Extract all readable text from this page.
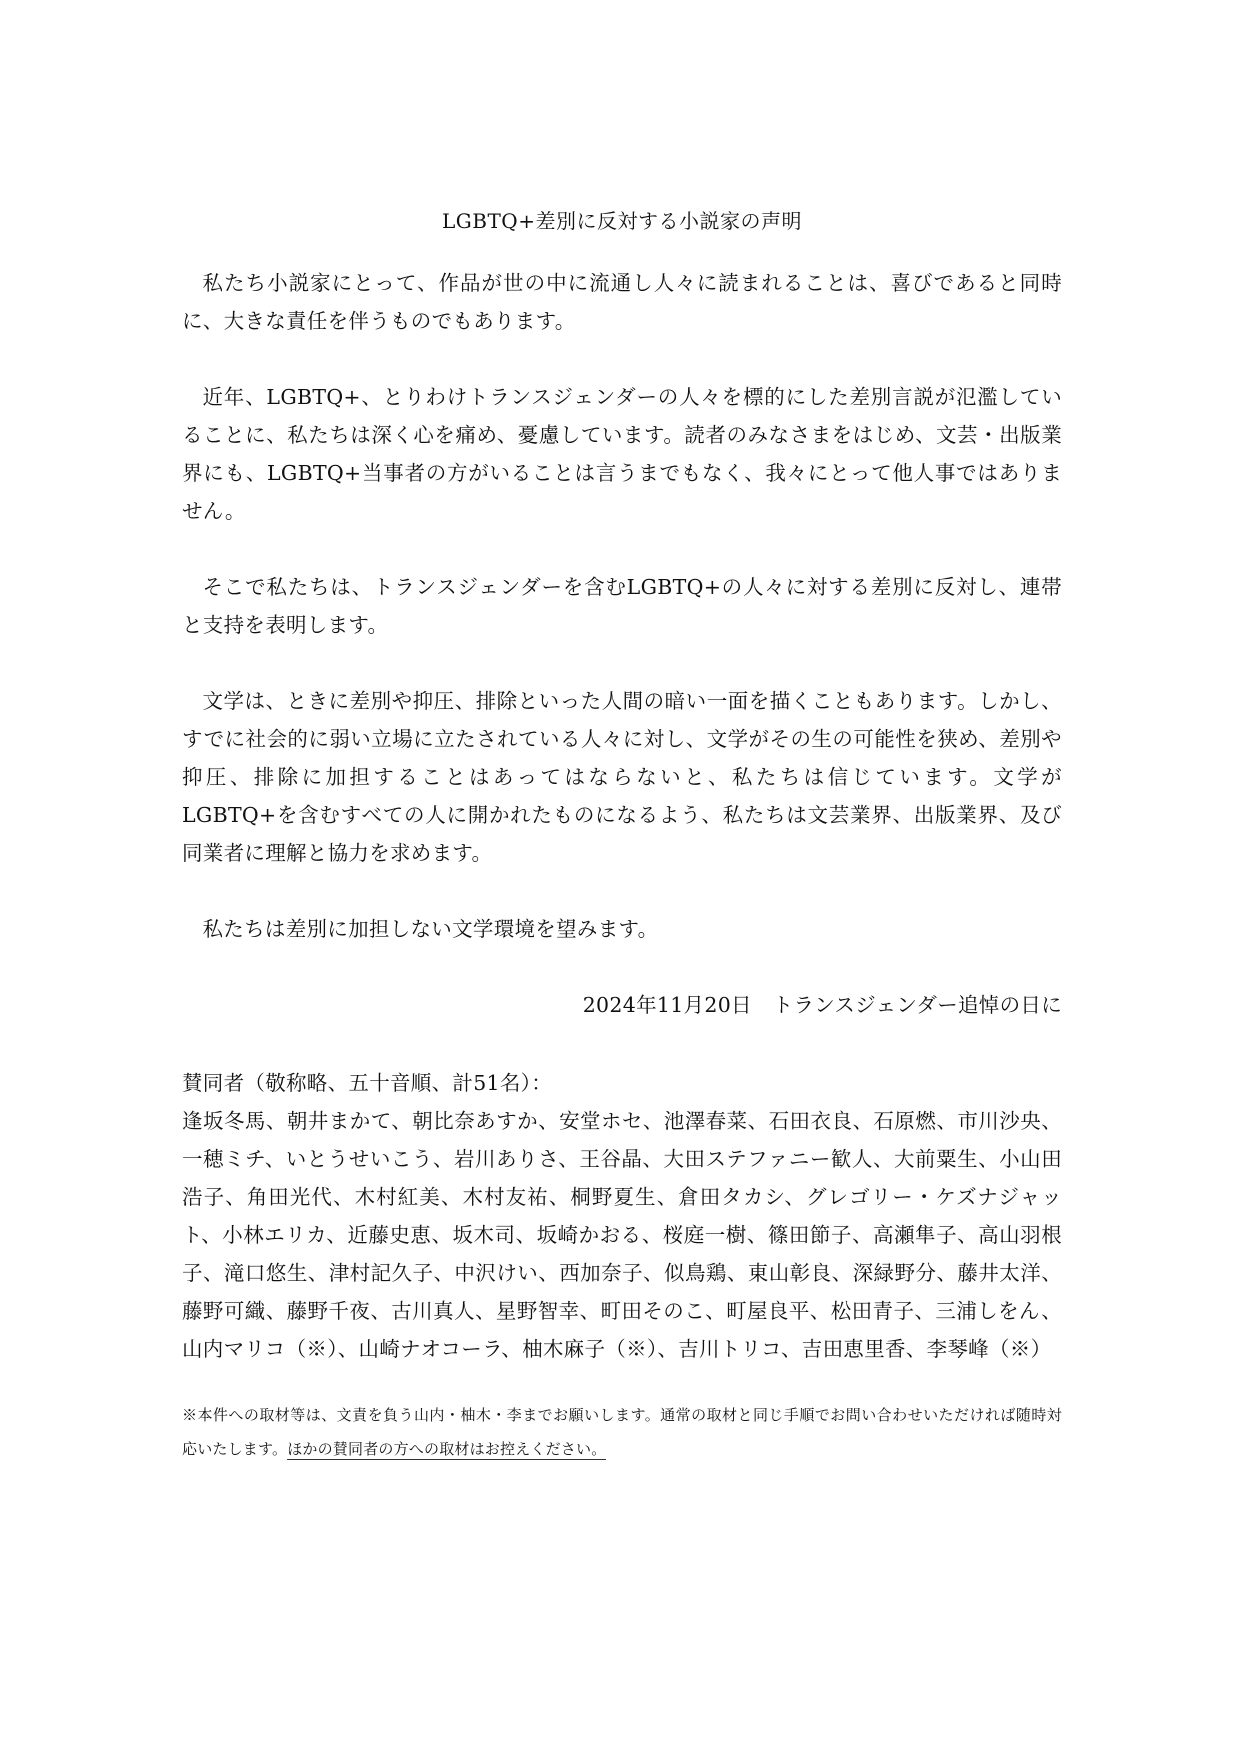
LGBTQ+差別に反対する小説家の声明

私たち小説家にとって、作品が世の中に流通し人々に読まれることは、喜びであると同時に、大きな責任を伴うものでもあります。

近年、LGBTQ+、とりわけトランスジェンダーの人々を標的にした差別言説が氾濫していることに、私たちは深く心を痛め、憂慮しています。読者のみなさまをはじめ、文芸・出版業界にも、LGBTQ+当事者の方がいることは言うまでもなく、我々にとって他人事ではありません。

そこで私たちは、トランスジェンダーを含むLGBTQ+の人々に対する差別に反対し、連帯と支持を表明します。

文学は、ときに差別や抑圧、排除といった人間の暗い一面を描くこともあります。しかし、すでに社会的に弱い立場に立たされている人々に対し、文学がその生の可能性を狭め、差別や抑圧、排除に加担することはあってはならないと、私たちは信じています。文学がLGBTQ+を含むすべての人に開かれたものになるよう、私たちは文芸業界、出版業界、及び同業者に理解と協力を求めます。

私たちは差別に加担しない文学環境を望みます。

2024年11月20日　トランスジェンダー追悼の日に
賛同者（敬称略、五十音順、計51名）：
逢坂冬馬、朝井まかて、朝比奈あすか、安堂ホセ、池澤春菜、石田衣良、石原燃、市川沙央、一穂ミチ、いとうせいこう、岩川ありさ、王谷晶、大田ステファニー歓人、大前粟生、小山田浩子、角田光代、木村紅美、木村友祐、桐野夏生、倉田タカシ、グレゴリー・ケズナジャット、小林エリカ、近藤史恵、坂木司、坂崎かおる、桜庭一樹、篠田節子、高瀬隼子、高山羽根子、滝口悠生、津村記久子、中沢けい、西加奈子、似鳥鶏、東山彰良、深緑野分、藤井太洋、藤野可織、藤野千夜、古川真人、星野智幸、町田そのこ、町屋良平、松田青子、三浦しをん、山内マリコ（※）、山崎ナオコーラ、柚木麻子（※）、吉川トリコ、吉田恵里香、李琴峰（※）
※本件への取材等は、文責を負う山内・柚木・李までお願いします。通常の取材と同じ手順でお問い合わせいただければ随時対応いたします。ほかの賛同者の方への取材はお控えください。
